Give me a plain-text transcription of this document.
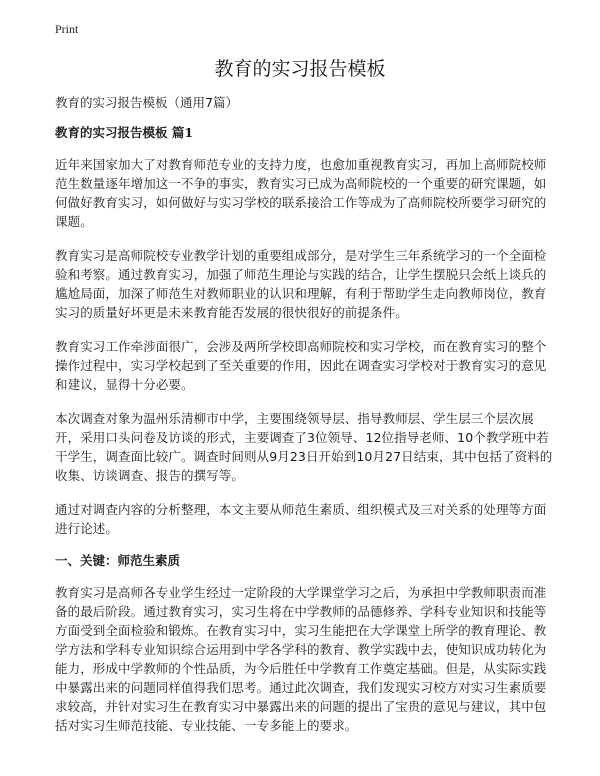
Print
教育的实习报告模板

教育的实习报告模板（通用7篇）

教育的实习报告模板 篇1

近年来国家加大了对教育师范专业的支持力度，也愈加重视教育实习，再加上高师院校师范生数量逐年增加这一不争的事实，教育实习已成为高师院校的一个重要的研究课题，如何做好教育实习，如何做好与实习学校的联系接洽工作等成为了高师院校所要学习研究的课题。

教育实习是高师院校专业教学计划的重要组成部分，是对学生三年系统学习的一个全面检验和考察。通过教育实习，加强了师范生理论与实践的结合，让学生摆脱只会纸上谈兵的尴尬局面，加深了师范生对教师职业的认识和理解，有利于帮助学生走向教师岗位，教育实习的质量好坏更是未来教育能否发展的很快很好的前提条件。

教育实习工作牵涉面很广，会涉及两所学校即高师院校和实习学校，而在教育实习的整个操作过程中，实习学校起到了至关重要的作用，因此在调查实习学校对于教育实习的意见和建议，显得十分必要。

本次调查对象为温州乐清柳市中学，主要围绕领导层、指导教师层、学生层三个层次展开，采用口头问卷及访谈的形式，主要调查了3位领导、12位指导老师、10个教学班中若干学生，调查面比较广。调查时间则从9月23日开始到10月27日结束，其中包括了资料的收集、访谈调查、报告的撰写等。

通过对调查内容的分析整理，本文主要从师范生素质、组织模式及三对关系的处理等方面进行论述。

一、关键：师范生素质

教育实习是高师各专业学生经过一定阶段的大学课堂学习之后，为承担中学教师职责而准备的最后阶段。通过教育实习，实习生将在中学教师的品德修养、学科专业知识和技能等方面受到全面检验和锻炼。在教育实习中，实习生能把在大学课堂上所学的教育理论、教学方法和学科专业知识综合运用到中学各学科的教育、教学实践中去，使知识成功转化为能力，形成中学教师的个性品质，为今后胜任中学教育工作奠定基础。但是，从实际实践中暴露出来的问题同样值得我们思考。通过此次调查，我们发现实习校方对实习生素质要求较高，并针对实习生在教育实习中暴露出来的问题的提出了宝贵的意见与建议，其中包括对实习生师范技能、专业技能、一专多能上的要求。
